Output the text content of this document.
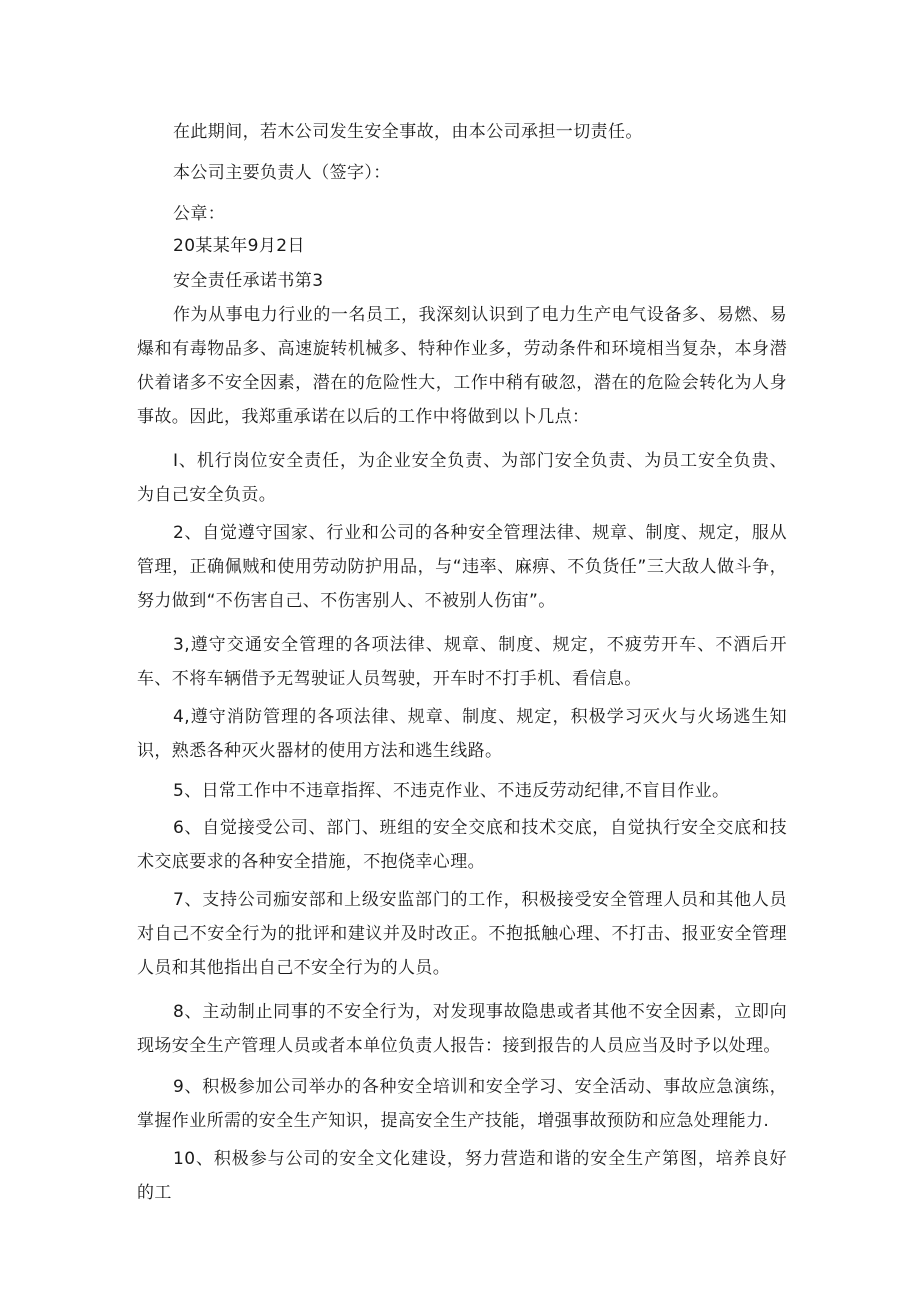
在此期间，若木公司发生安全事故，由本公司承担一切责任。

本公司主要负责人（签字）：

公章：

20某某年9月2日

安全责任承诺书第3

作为从事电力行业的一名员工，我深刻认识到了电力生产电气设备多、易燃、易爆和有毒物品多、高速旋转机械多、特种作业多，劳动条件和环境相当复杂，本身潜伏着诸多不安全因素，潜在的危险性大，工作中稍有破忽，潜在的危险会转化为人身事故。因此，我郑重承诺在以后的工作中将做到以卜几点：

I、机行岗位安全责任，为企业安全负责、为部门安全负责、为员工安全负贵、为自己安全负贡。

2、自觉遵守国家、行业和公司的各种安全管理法律、规章、制度、规定，服从管理，正确佩贼和使用劳动防护用品，与“违率、麻痹、不负货任”三大敌人做斗争，努力做到“不伤害自己、不伤害别人、不被别人伤宙”。

3,遵守交通安全管理的各项法律、规章、制度、规定，不疲劳开车、不酒后开车、不将车辆借予无驾驶证人员驾驶，开车时不打手机、看信息。

4,遵守消防管理的各项法律、规章、制度、规定，积极学习灭火与火场逃生知识，熟悉各种灭火器材的使用方法和逃生线路。

5、日常工作中不违章指挥、不违克作业、不违反劳动纪律,不盲目作业。

6、自觉接受公司、部门、班组的安全交底和技术交底，自觉执行安全交底和技术交底要求的各种安全措施，不抱侥幸心理。

7、支持公司痂安部和上级安监部门的工作，积极接受安全管理人员和其他人员对自己不安全行为的批评和建议并及时改正。不抱抵触心理、不打击、报亚安全管理人员和其他指出自己不安全行为的人员。

8、主动制止同事的不安全行为，对发现事故隐患或者其他不安全因素，立即向现场安全生产管理人员或者本单位负责人报告：接到报告的人员应当及时予以处理。

9、积极参加公司举办的各种安全培训和安全学习、安全活动、事故应急演练，掌握作业所需的安全生产知识，提高安全生产技能，增强事故预防和应急处理能力.

10、积极参与公司的安全文化建设，努力营造和谐的安全生产第图，培养良好的工
